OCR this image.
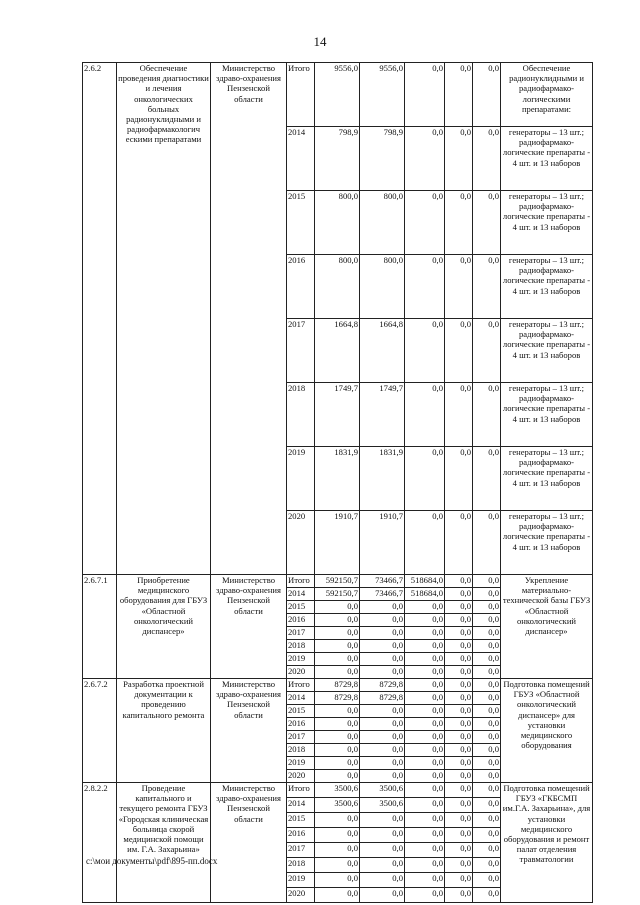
14
2.6.2	Обеспечение проведения диагностики и лечения онкологических больных радионуклидными и радиофармакологич ескими препаратами	Министерство здраво-охранения Пензенской области	Итого	9556,0	9556,0	0,0	0,0	0,0	Обеспечение радионуклидными и радиофармако-логическими препаратами:
			2014	798,9	798,9	0,0	0,0	0,0	генераторы – 13 шт.; радиофармако-логические препараты - 4 шт. и 13 наборов
			2015	800,0	800,0	0,0	0,0	0,0	генераторы – 13 шт.; радиофармако-логические препараты - 4 шт. и 13 наборов
			2016	800,0	800,0	0,0	0,0	0,0	генераторы – 13 шт.; радиофармако-логические препараты - 4 шт. и 13 наборов
			2017	1664,8	1664,8	0,0	0,0	0,0	генераторы – 13 шт.; радиофармако-логические препараты - 4 шт. и 13 наборов
			2018	1749,7	1749,7	0,0	0,0	0,0	генераторы – 13 шт.; радиофармако-логические препараты - 4 шт. и 13 наборов
			2019	1831,9	1831,9	0,0	0,0	0,0	генераторы – 13 шт.; радиофармако-логические препараты - 4 шт. и 13 наборов
			2020	1910,7	1910,7	0,0	0,0	0,0	генераторы – 13 шт.; радиофармако-логические препараты - 4 шт. и 13 наборов
2.6.7.1	Приобретение медицинского оборудования для ГБУЗ «Областной онкологический диспансер»	Министерство здраво-охранения Пензенской области	Итого	592150,7	73466,7	518684,0	0,0	0,0	Укрепление материально-технической базы ГБУЗ «Областной онкологический диспансер»
			2014	592150,7	73466,7	518684,0	0,0	0,0	
			2015	0,0	0,0	0,0	0,0	0,0	
			2016	0,0	0,0	0,0	0,0	0,0	
			2017	0,0	0,0	0,0	0,0	0,0	
			2018	0,0	0,0	0,0	0,0	0,0	
			2019	0,0	0,0	0,0	0,0	0,0	
			2020	0,0	0,0	0,0	0,0	0,0	
2.6.7.2	Разработка проектной документации к проведению капитального ремонта	Министерство здраво-охранения Пензенской области	Итого	8729,8	8729,8	0,0	0,0	0,0	Подготовка помещений ГБУЗ «Областной онкологический диспансер» для установки медицинского оборудования
			2014	8729,8	8729,8	0,0	0,0	0,0	
			2015	0,0	0,0	0,0	0,0	0,0	
			2016	0,0	0,0	0,0	0,0	0,0	
			2017	0,0	0,0	0,0	0,0	0,0	
			2018	0,0	0,0	0,0	0,0	0,0	
			2019	0,0	0,0	0,0	0,0	0,0	
			2020	0,0	0,0	0,0	0,0	0,0	
2.8.2.2	Проведение капитального и текущего ремонта ГБУЗ «Городская клиническая больница скорой медицинской помощи им. Г.А. Захарьина»	Министерство здраво-охранения Пензенской области	Итого	3500,6	3500,6	0,0	0,0	0,0	Подготовка помещений ГБУЗ «ГКБСМП им.Г.А. Захарьина», для установки медицинского оборудования и ремонт палат отделения травматологии
			2014	3500,6	3500,6	0,0	0,0	0,0	
			2015	0,0	0,0	0,0	0,0	0,0	
			2016	0,0	0,0	0,0	0,0	0,0	
			2017	0,0	0,0	0,0	0,0	0,0	
			2018	0,0	0,0	0,0	0,0	0,0	
			2019	0,0	0,0	0,0	0,0	0,0	
			2020	0,0	0,0	0,0	0,0	0,0	
c:\мои документы\pdf\895-пп.docx
